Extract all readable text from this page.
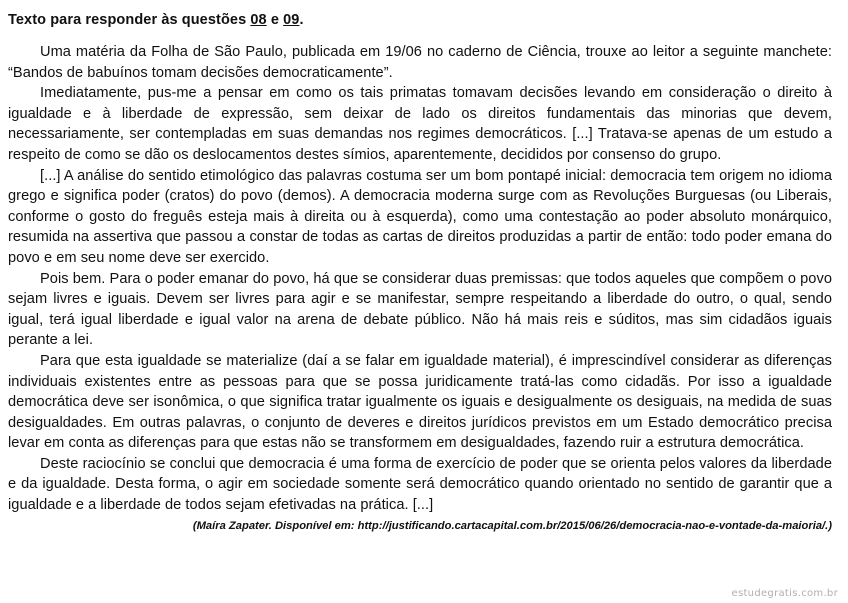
Texto para responder às questões 08 e 09.

Uma matéria da Folha de São Paulo, publicada em 19/06 no caderno de Ciência, trouxe ao leitor a seguinte manchete: “Bandos de babuínos tomam decisões democraticamente”.

Imediatamente, pus-me a pensar em como os tais primatas tomavam decisões levando em consideração o direito à igualdade e à liberdade de expressão, sem deixar de lado os direitos fundamentais das minorias que devem, necessariamente, ser contempladas em suas demandas nos regimes democráticos. [...] Tratava-se apenas de um estudo a respeito de como se dão os deslocamentos destes símios, aparentemente, decididos por consenso do grupo.

[...] A análise do sentido etimológico das palavras costuma ser um bom pontapé inicial: democracia tem origem no idioma grego e significa poder (cratos) do povo (demos). A democracia moderna surge com as Revoluções Burguesas (ou Liberais, conforme o gosto do freguês esteja mais à direita ou à esquerda), como uma contestação ao poder absoluto monárquico, resumida na assertiva que passou a constar de todas as cartas de direitos produzidas a partir de então: todo poder emana do povo e em seu nome deve ser exercido.

Pois bem. Para o poder emanar do povo, há que se considerar duas premissas: que todos aqueles que compõem o povo sejam livres e iguais. Devem ser livres para agir e se manifestar, sempre respeitando a liberdade do outro, o qual, sendo igual, terá igual liberdade e igual valor na arena de debate público. Não há mais reis e súditos, mas sim cidadãos iguais perante a lei.

Para que esta igualdade se materialize (daí a se falar em igualdade material), é imprescindível considerar as diferenças individuais existentes entre as pessoas para que se possa juridicamente tratá-las como cidadãs. Por isso a igualdade democrática deve ser isonômica, o que significa tratar igualmente os iguais e desigualmente os desiguais, na medida de suas desigualdades. Em outras palavras, o conjunto de deveres e direitos jurídicos previstos em um Estado democrático precisa levar em conta as diferenças para que estas não se transformem em desigualdades, fazendo ruir a estrutura democrática.

Deste raciocínio se conclui que democracia é uma forma de exercício de poder que se orienta pelos valores da liberdade e da igualdade. Desta forma, o agir em sociedade somente será democrático quando orientado no sentido de garantir que a igualdade e a liberdade de todos sejam efetivadas na prática. [...]

(Maíra Zapater. Disponível em: http://justificando.cartacapital.com.br/2015/06/26/democracia-nao-e-vontade-da-maioria/.)

estudegratis.com.br
